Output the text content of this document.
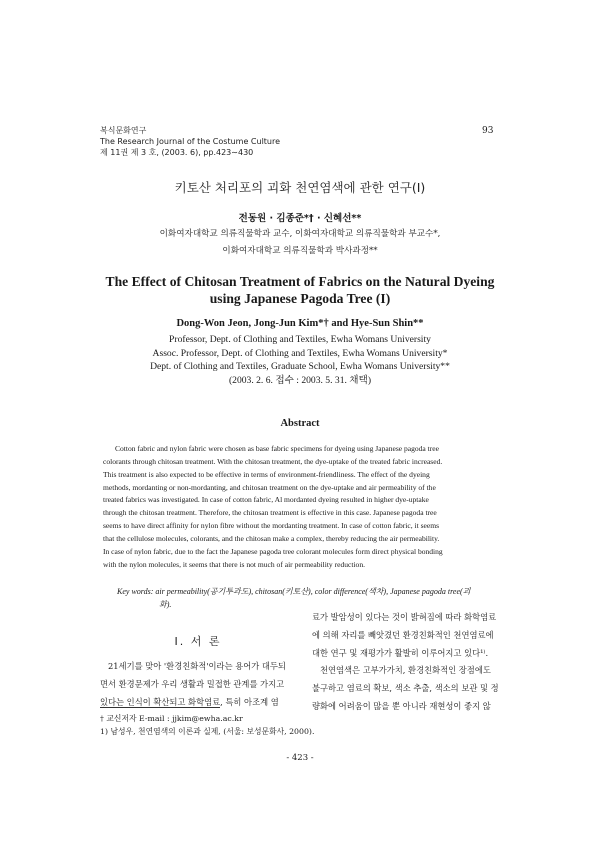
복식문화연구
The Research Journal of the Costume Culture
제 11권 제 3 호, (2003. 6), pp.423∼430
93
키토산 처리포의 괴화 천연염색에 관한 연구(I)
전동원 · 김종준*† · 신혜선**
이화여자대학교 의류직물학과 교수, 이화여자대학교 의류직물학과 부교수*,
이화여자대학교 의류직물학과 박사과정**
The Effect of Chitosan Treatment of Fabrics on the Natural Dyeing
using Japanese Pagoda Tree (I)
Dong-Won Jeon, Jong-Jun Kim*† and Hye-Sun Shin**
Professor, Dept. of Clothing and Textiles, Ewha Womans University
Assoc. Professor, Dept. of Clothing and Textiles, Ewha Womans University*
Dept. of Clothing and Textiles, Graduate School, Ewha Womans University**
(2003. 2. 6. 접수 : 2003. 5. 31. 채택)
Abstract
Cotton fabric and nylon fabric were chosen as base fabric specimens for dyeing using Japanese pagoda tree
colorants through chitosan treatment. With the chitosan treatment, the dye-uptake of the treated fabric increased.
This treatment is also expected to be effective in terms of environment-friendliness. The effect of the dyeing
methods, mordanting or non-mordanting, and chitosan treatment on the dye-uptake and air permeability of the
treated fabrics was investigated. In case of cotton fabric, Al mordanted dyeing resulted in higher dye-uptake
through the chitosan treatment. Therefore, the chitosan treatment is effective in this case. Japanese pagoda tree
seems to have direct affinity for nylon fibre without the mordanting treatment. In case of cotton fabric, it seems
that the cellulose molecules, colorants, and the chitosan make a complex, thereby reducing the air permeability.
In case of nylon fabric, due to the fact the Japanese pagoda tree colorant molecules form direct physical bonding
with the nylon molecules, it seems that there is not much of air permeability reduction.
Key words: air permeability(공기투과도), chitosan(키토산), color difference(색차), Japanese pagoda tree(괴
화).
I. 서 론
21세기를 맞아 '환경친화적'이라는 용어가 대두되
면서 환경문제가 우리 생활과 밀접한 관계를 가지고
있다는 인식이 확산되고 화학염료, 특히 아조계 염
료가 발암성이 있다는 것이 밝혀짐에 따라 화학염료
에 의해 자리를 빼앗겼던 환경친화적인 천연염료에
대한 연구 및 재평가가 활발히 이루어지고 있다¹⁾.
천연염색은 고부가가치, 환경친화적인 장점에도
불구하고 염료의 확보, 색소 추출, 색소의 보관 및 정
량화에 어려움이 많을 뿐 아니라 재현성이 좋지 않
† 교신저자 E-mail : jjkim@ewha.ac.kr
1) 남성우, 천연염색의 이론과 실제, (서울: 보성문화사, 2000).
- 423 -
